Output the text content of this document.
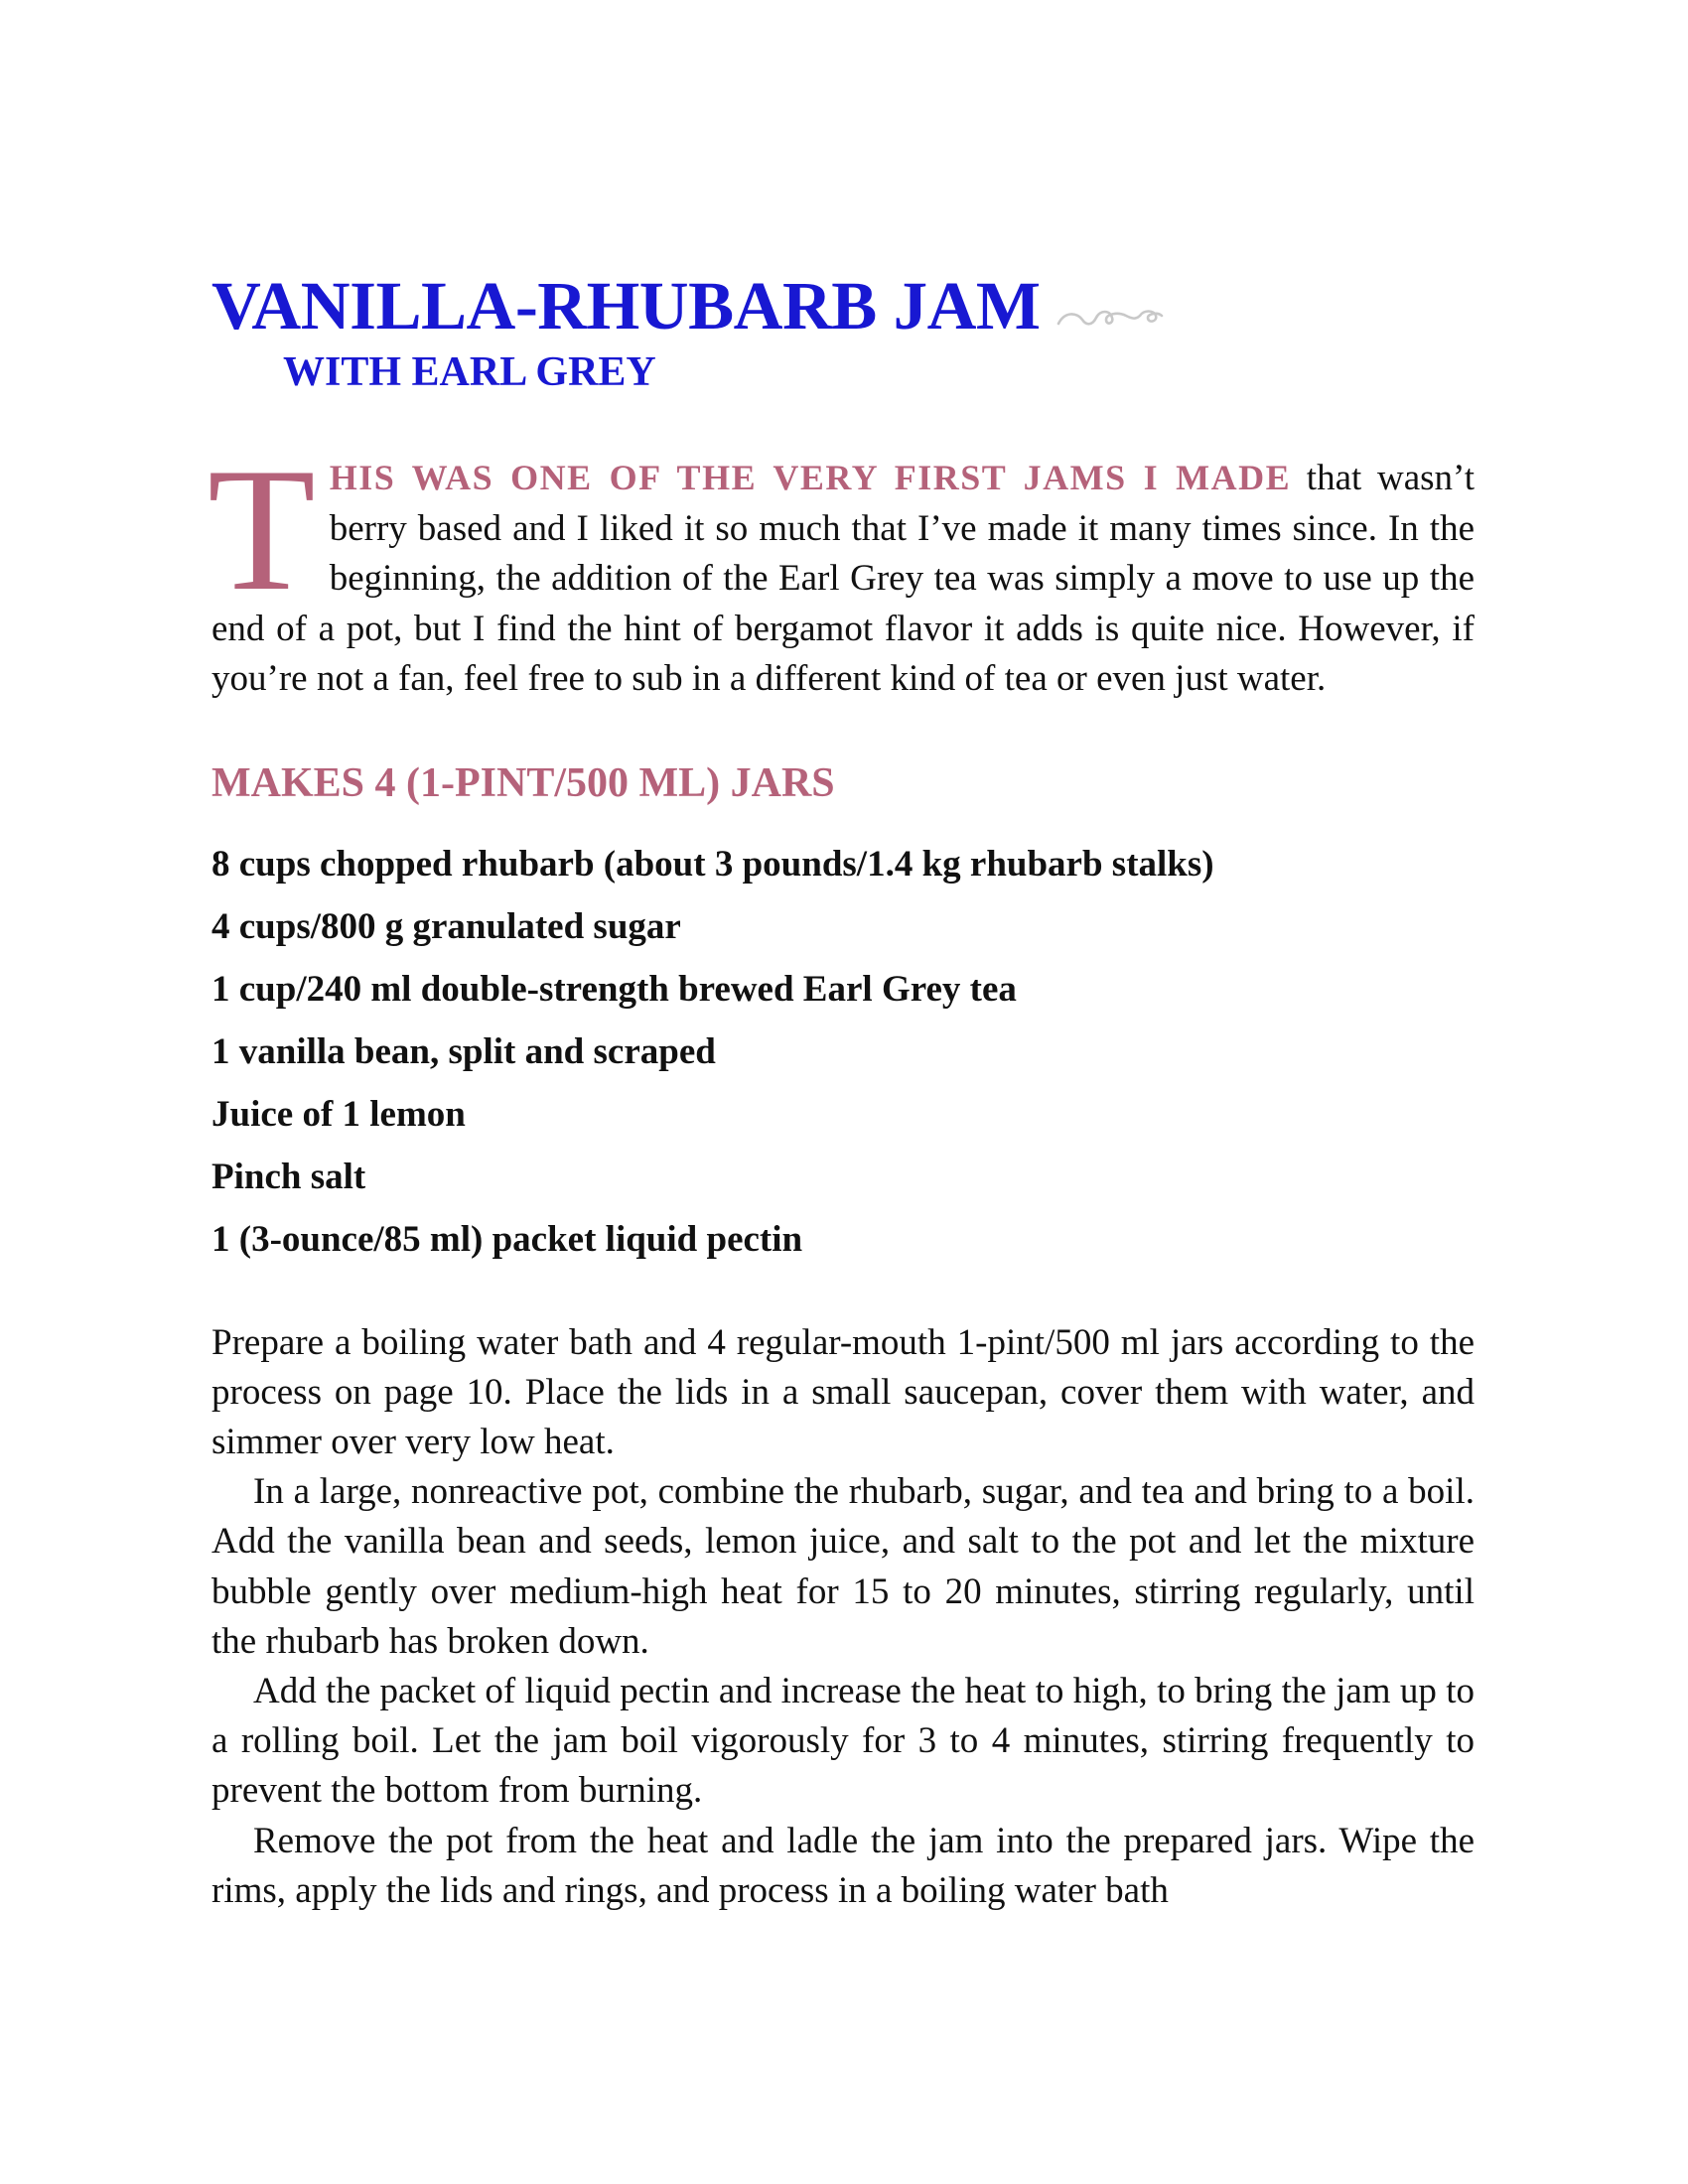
VANILLA-RHUBARB JAM
WITH EARL GREY
T HIS WAS ONE OF THE VERY FIRST JAMS I MADE that wasn’t berry based and I liked it so much that I’ve made it many times since. In the beginning, the addition of the Earl Grey tea was simply a move to use up the end of a pot, but I find the hint of bergamot flavor it adds is quite nice. However, if you’re not a fan, feel free to sub in a different kind of tea or even just water.
MAKES 4 (1-PINT/500 ML) JARS
8 cups chopped rhubarb (about 3 pounds/1.4 kg rhubarb stalks)
4 cups/800 g granulated sugar
1 cup/240 ml double-strength brewed Earl Grey tea
1 vanilla bean, split and scraped
Juice of 1 lemon
Pinch salt
1 (3-ounce/85 ml) packet liquid pectin

Prepare a boiling water bath and 4 regular-mouth 1-pint/500 ml jars according to the process on page 10. Place the lids in a small saucepan, cover them with water, and simmer over very low heat.

In a large, nonreactive pot, combine the rhubarb, sugar, and tea and bring to a boil. Add the vanilla bean and seeds, lemon juice, and salt to the pot and let the mixture bubble gently over medium-high heat for 15 to 20 minutes, stirring regularly, until the rhubarb has broken down.

Add the packet of liquid pectin and increase the heat to high, to bring the jam up to a rolling boil. Let the jam boil vigorously for 3 to 4 minutes, stirring frequently to prevent the bottom from burning.

Remove the pot from the heat and ladle the jam into the prepared jars. Wipe the rims, apply the lids and rings, and process in a boiling water bath
